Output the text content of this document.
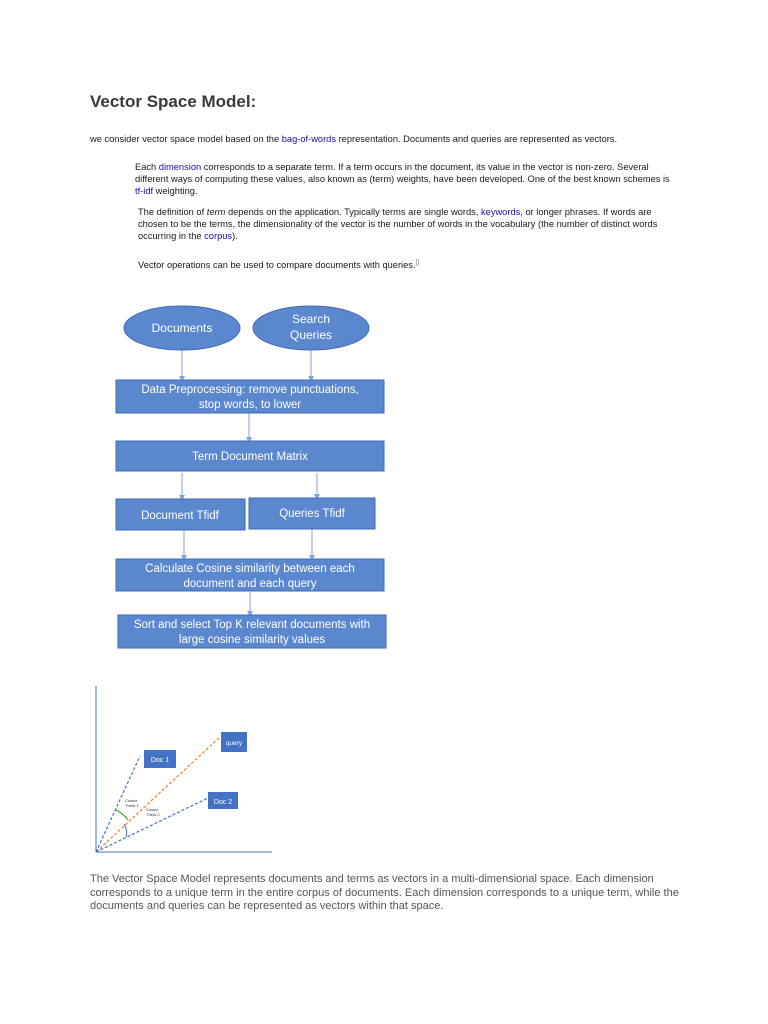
Vector Space Model:
we consider vector space model based on the bag-of-words representation. Documents and queries are represented as vectors.
Each dimension corresponds to a separate term. If a term occurs in the document, its value in the vector is non-zero. Several different ways of computing these values, also known as (term) weights, have been developed. One of the best known schemes is tf-idf weighting.
The definition of term depends on the application. Typically terms are single words, keywords, or longer phrases. If words are chosen to be the terms, the dimensionality of the vector is the number of words in the vocabulary (the number of distinct words occurring in the corpus).
Vector operations can be used to compare documents with queries.[]
Documents
Search
Queries
Data Preprocessing: remove punctuations,
stop words, to lower
Term Document Matrix
Document Tfidf	Queries Tfidf
Calculate Cosine similarity between each
document and each query
Sort and select Top K relevant documents with
large cosine similarity values
Doc 1
query
Doc 2
Cosine
Theta 1
Cosine
Theta 2
The Vector Space Model represents documents and terms as vectors in a multi-dimensional space. Each dimension corresponds to a unique term in the entire corpus of documents. Each dimension corresponds to a unique term, while the documents and queries can be represented as vectors within that space.
